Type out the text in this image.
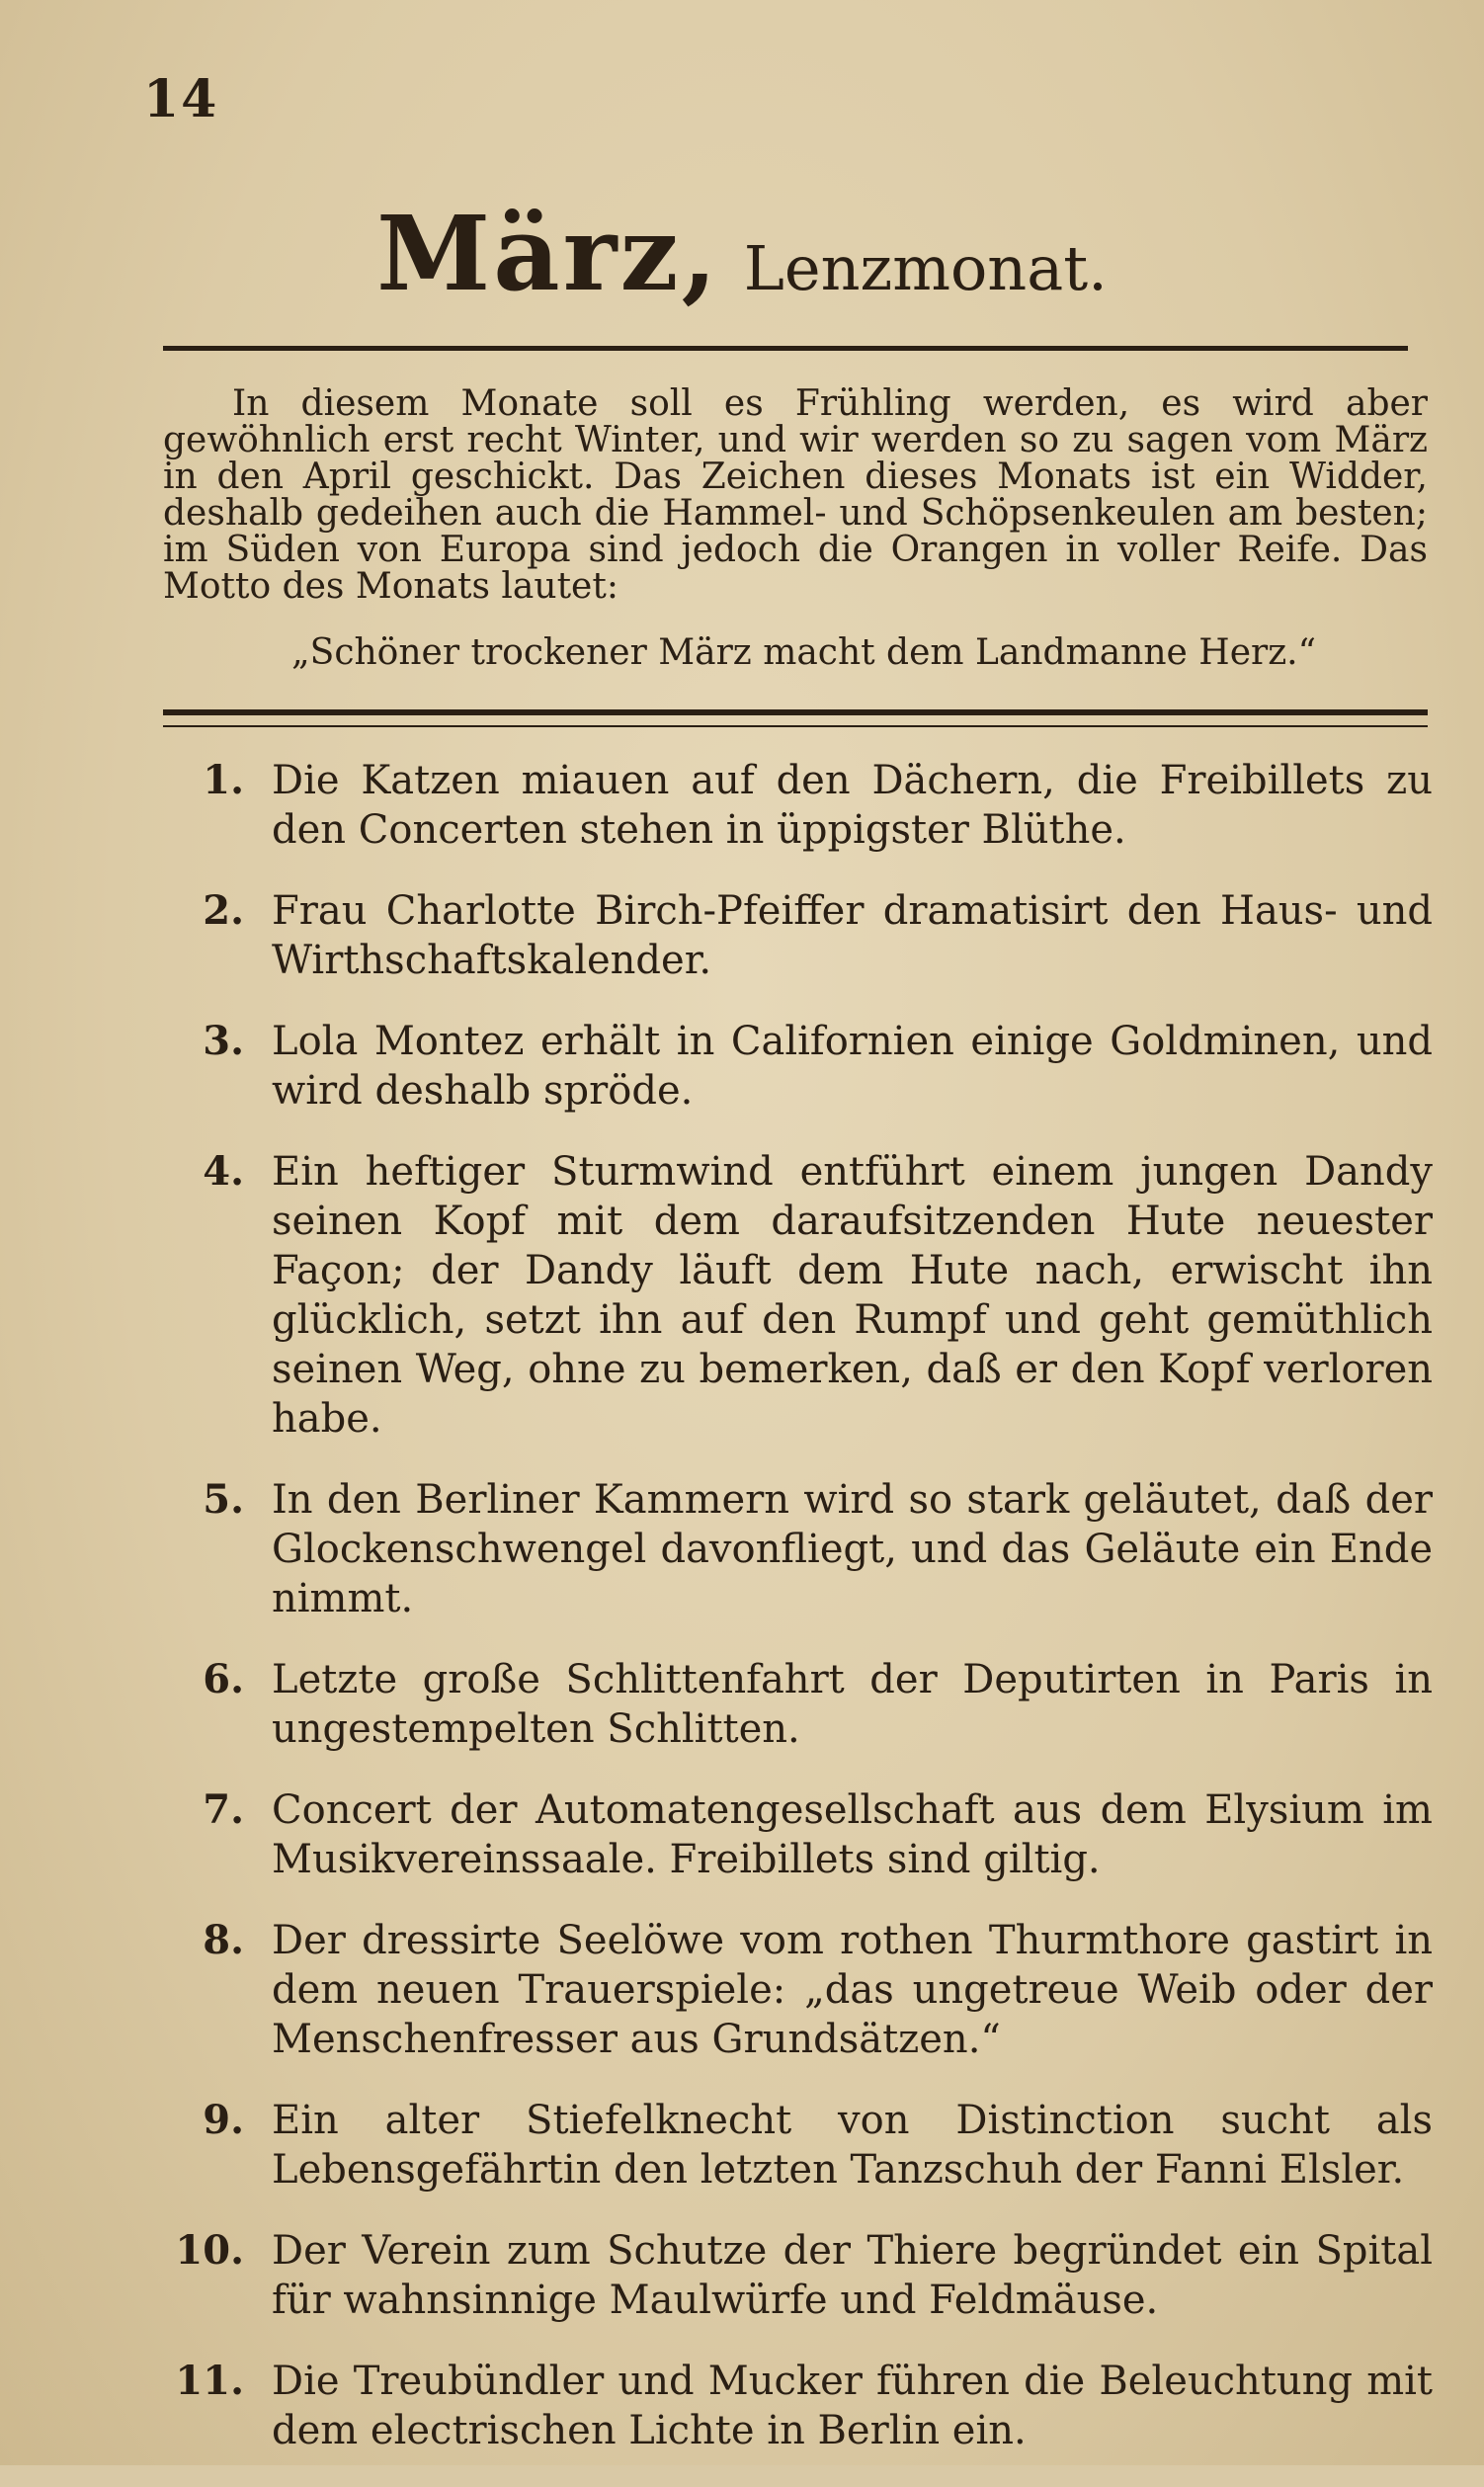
14
März, Lenzmonat.
In diesem Monate soll es Frühling werden, es wird aber gewöhnlich erst recht Winter, und wir werden so zu sagen vom März in den April geschickt. Das Zeichen dieses Monats ist ein Widder, deshalb gedeihen auch die Hammel- und Schöpsenkeulen am besten; im Süden von Europa sind jedoch die Orangen in voller Reife. Das Motto des Monats lautet:
„Schöner trockener März macht dem Landmanne Herz.“
1. Die Katzen miauen auf den Dächern, die Freibillets zu den Concerten stehen in üppigster Blüthe.
2. Frau Charlotte Birch-Pfeiffer dramatisirt den Haus- und Wirthschaftskalender.
3. Lola Montez erhält in Californien einige Goldminen, und wird deshalb spröde.
4. Ein heftiger Sturmwind entführt einem jungen Dandy seinen Kopf mit dem daraufsitzenden Hute neuester Façon; der Dandy läuft dem Hute nach, erwischt ihn glücklich, setzt ihn auf den Rumpf und geht gemüthlich seinen Weg, ohne zu bemerken, daß er den Kopf verloren habe.
5. In den Berliner Kammern wird so stark geläutet, daß der Glockenschwengel davonfliegt, und das Geläute ein Ende nimmt.
6. Letzte große Schlittenfahrt der Deputirten in Paris in ungestempelten Schlitten.
7. Concert der Automatengesellschaft aus dem Elysium im Musikvereinssaale. Freibillets sind giltig.
8. Der dressirte Seelöwe vom rothen Thurmthore gastirt in dem neuen Trauerspiele: „das ungetreue Weib oder der Menschenfresser aus Grundsätzen.“
9. Ein alter Stiefelknecht von Distinction sucht als Lebensgefährtin den letzten Tanzschuh der Fanni Elsler.
10. Der Verein zum Schutze der Thiere begründet ein Spital für wahnsinnige Maulwürfe und Feldmäuse.
11. Die Treubündler und Mucker führen die Beleuchtung mit dem electrischen Lichte in Berlin ein.
